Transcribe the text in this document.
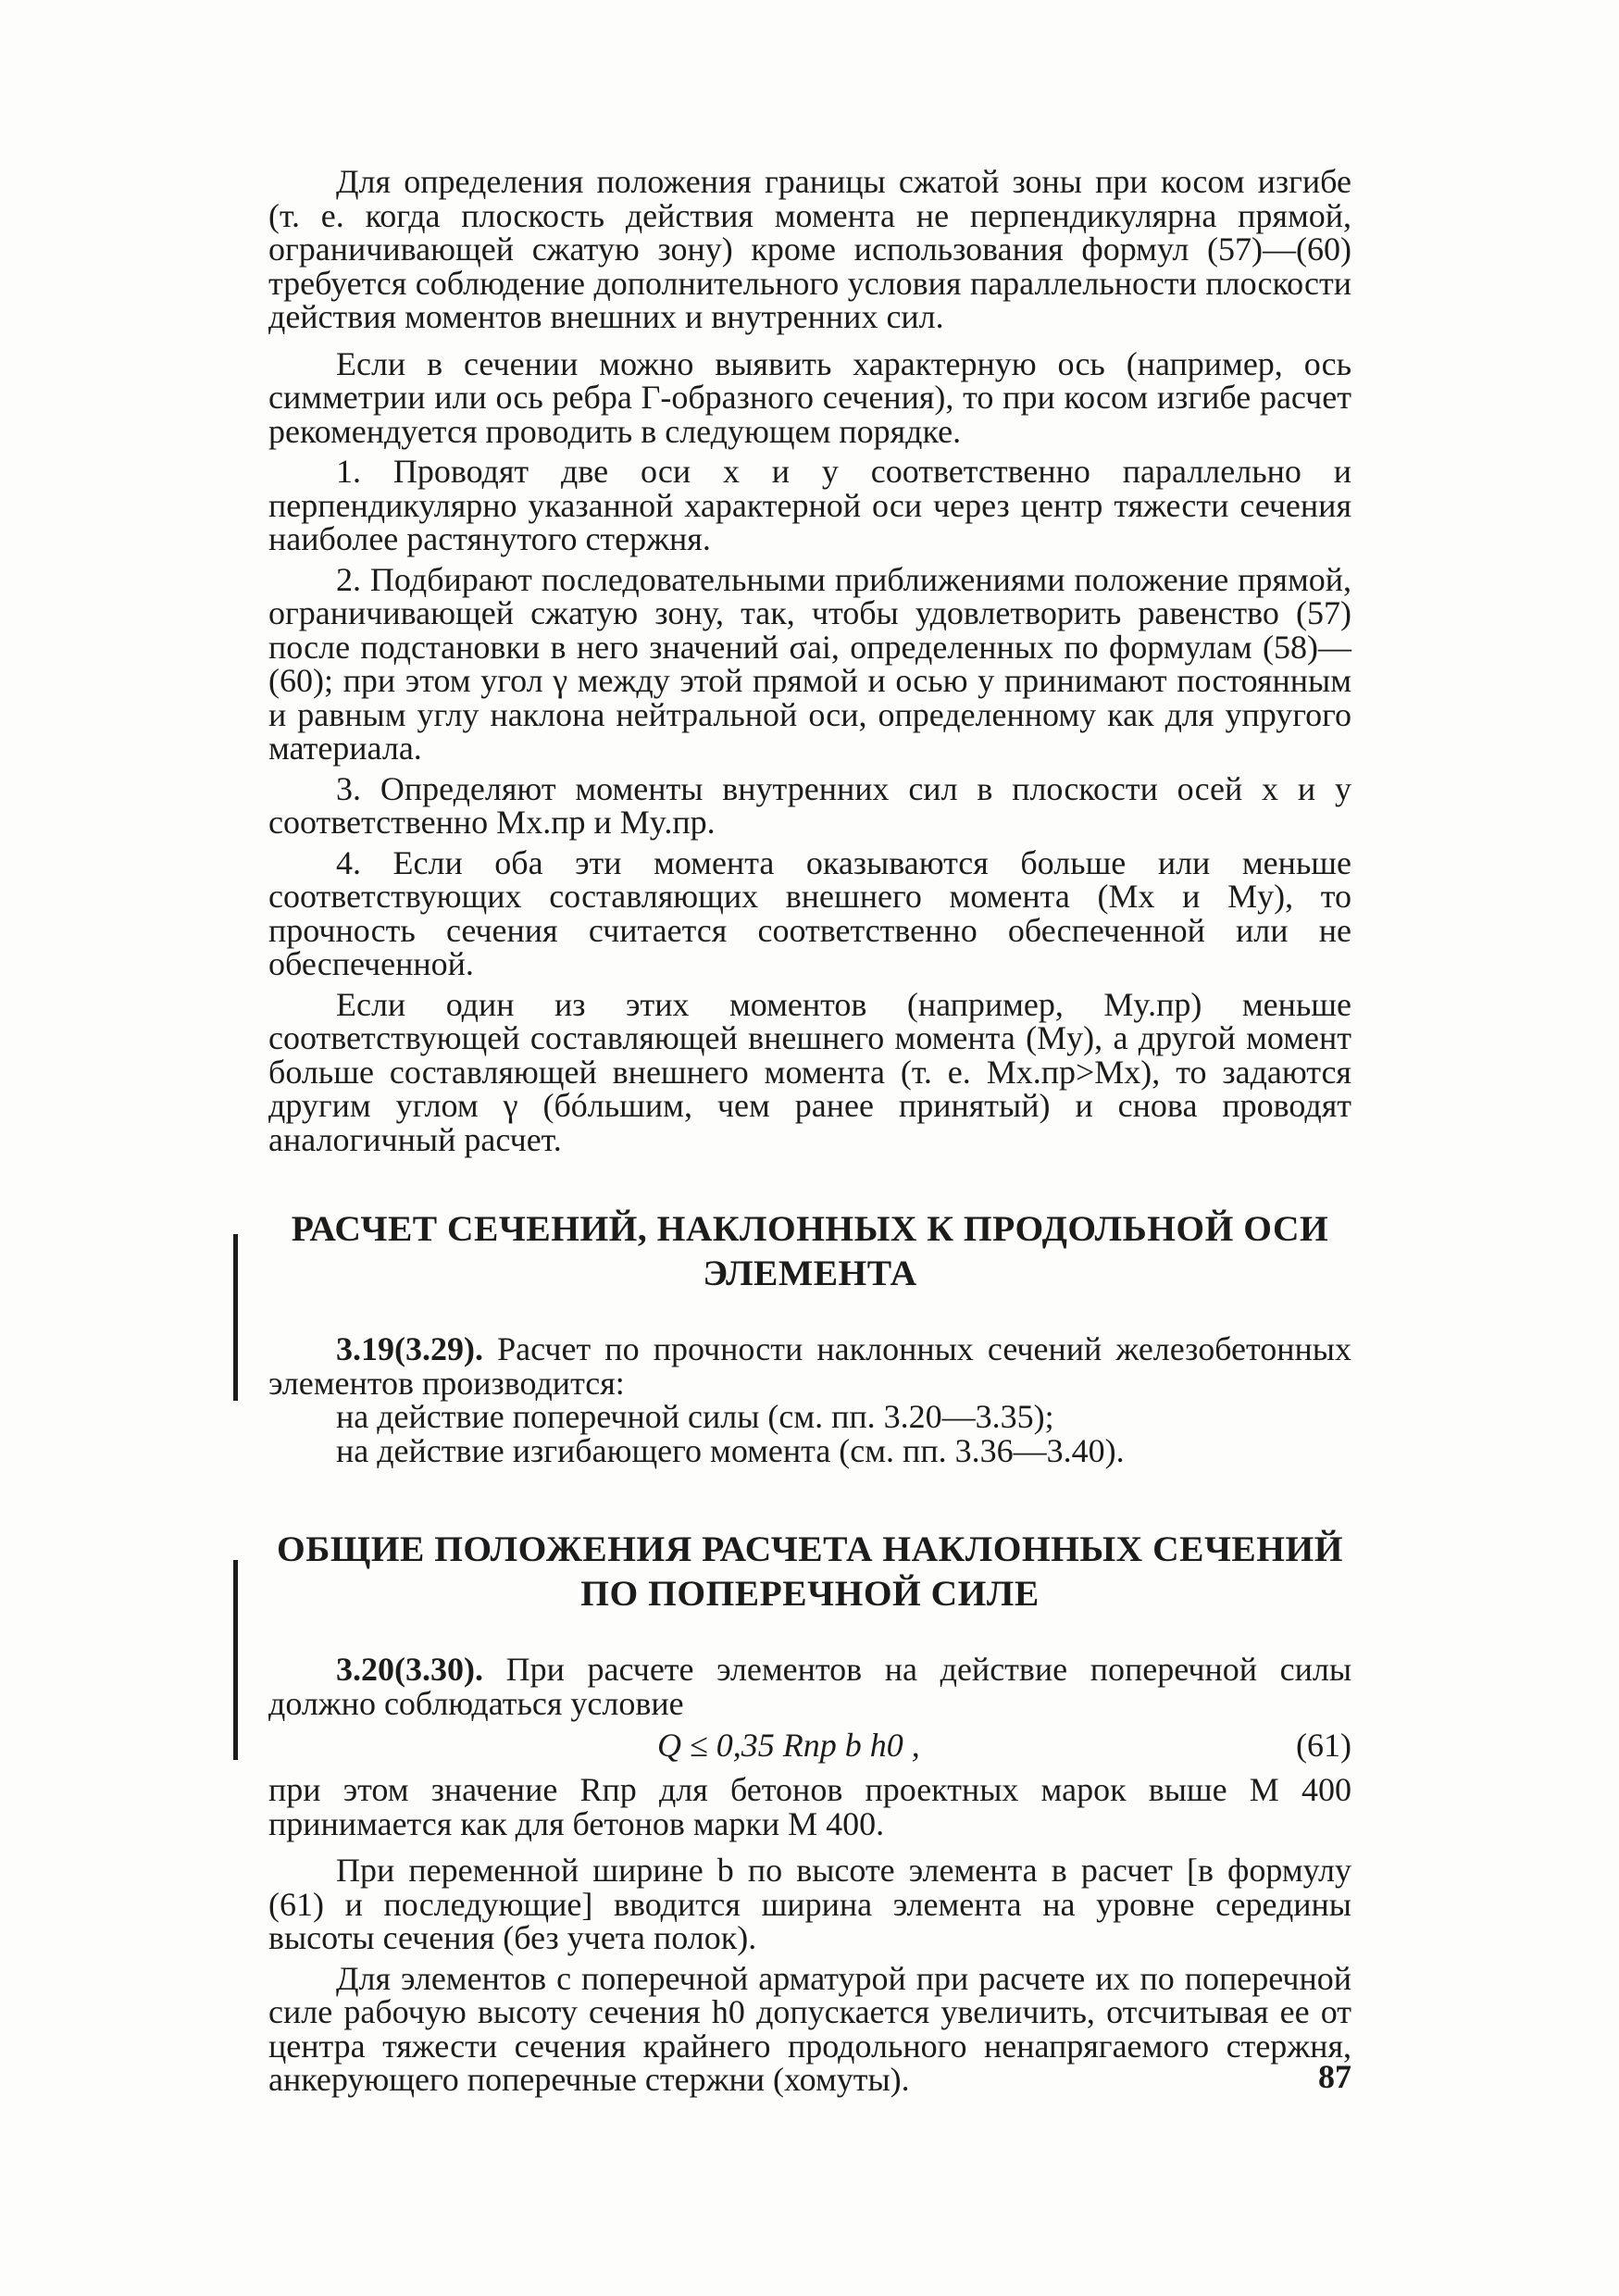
Для определения положения границы сжатой зоны при косом изгибе (т. е. когда плоскость действия момента не перпендикулярна прямой, ограничивающей сжатую зону) кроме использования формул (57)—(60) требуется соблюдение дополнительного условия параллельности плоскости действия моментов внешних и внутренних сил.

Если в сечении можно выявить характерную ось (например, ось симметрии или ось ребра Г-образного сечения), то при косом изгибе расчет рекомендуется проводить в следующем порядке.

1. Проводят две оси x и y соответственно параллельно и перпендикулярно указанной характерной оси через центр тяжести сечения наиболее растянутого стержня.

2. Подбирают последовательными приближениями положение прямой, ограничивающей сжатую зону, так, чтобы удовлетворить равенство (57) после подстановки в него значений σai, определенных по формулам (58)—(60); при этом угол γ между этой прямой и осью y принимают постоянным и равным углу наклона нейтральной оси, определенному как для упругого материала.

3. Определяют моменты внутренних сил в плоскости осей x и y соответственно Mx.пр и My.пр.

4. Если оба эти момента оказываются больше или меньше соответствующих составляющих внешнего момента (Mx и My), то прочность сечения считается соответственно обеспеченной или не обеспеченной.

Если один из этих моментов (например, My.пр) меньше соответствующей составляющей внешнего момента (My), а другой момент больше составляющей внешнего момента (т. е. Mx.пр>Mx), то задаются другим углом γ (бóльшим, чем ранее принятый) и снова проводят аналогичный расчет.

РАСЧЕТ СЕЧЕНИЙ, НАКЛОННЫХ К ПРОДОЛЬНОЙ ОСИ ЭЛЕМЕНТА

3.19(3.29). Расчет по прочности наклонных сечений железобетонных элементов производится:

на действие поперечной силы (см. пп. 3.20—3.35);

на действие изгибающего момента (см. пп. 3.36—3.40).

ОБЩИЕ ПОЛОЖЕНИЯ РАСЧЕТА НАКЛОННЫХ СЕЧЕНИЙ ПО ПОПЕРЕЧНОЙ СИЛЕ

3.20(3.30). При расчете элементов на действие поперечной силы должно соблюдаться условие

Q ≤ 0,35 Rпр b h0 ,	(61)

при этом значение Rпр для бетонов проектных марок выше М 400 принимается как для бетонов марки М 400.

При переменной ширине b по высоте элемента в расчет [в формулу (61) и последующие] вводится ширина элемента на уровне середины высоты сечения (без учета полок).

Для элементов с поперечной арматурой при расчете их по поперечной силе рабочую высоту сечения h0 допускается увеличить, отсчитывая ее от центра тяжести сечения крайнего продольного ненапрягаемого стержня, анкерующего поперечные стержни (хомуты).	87
